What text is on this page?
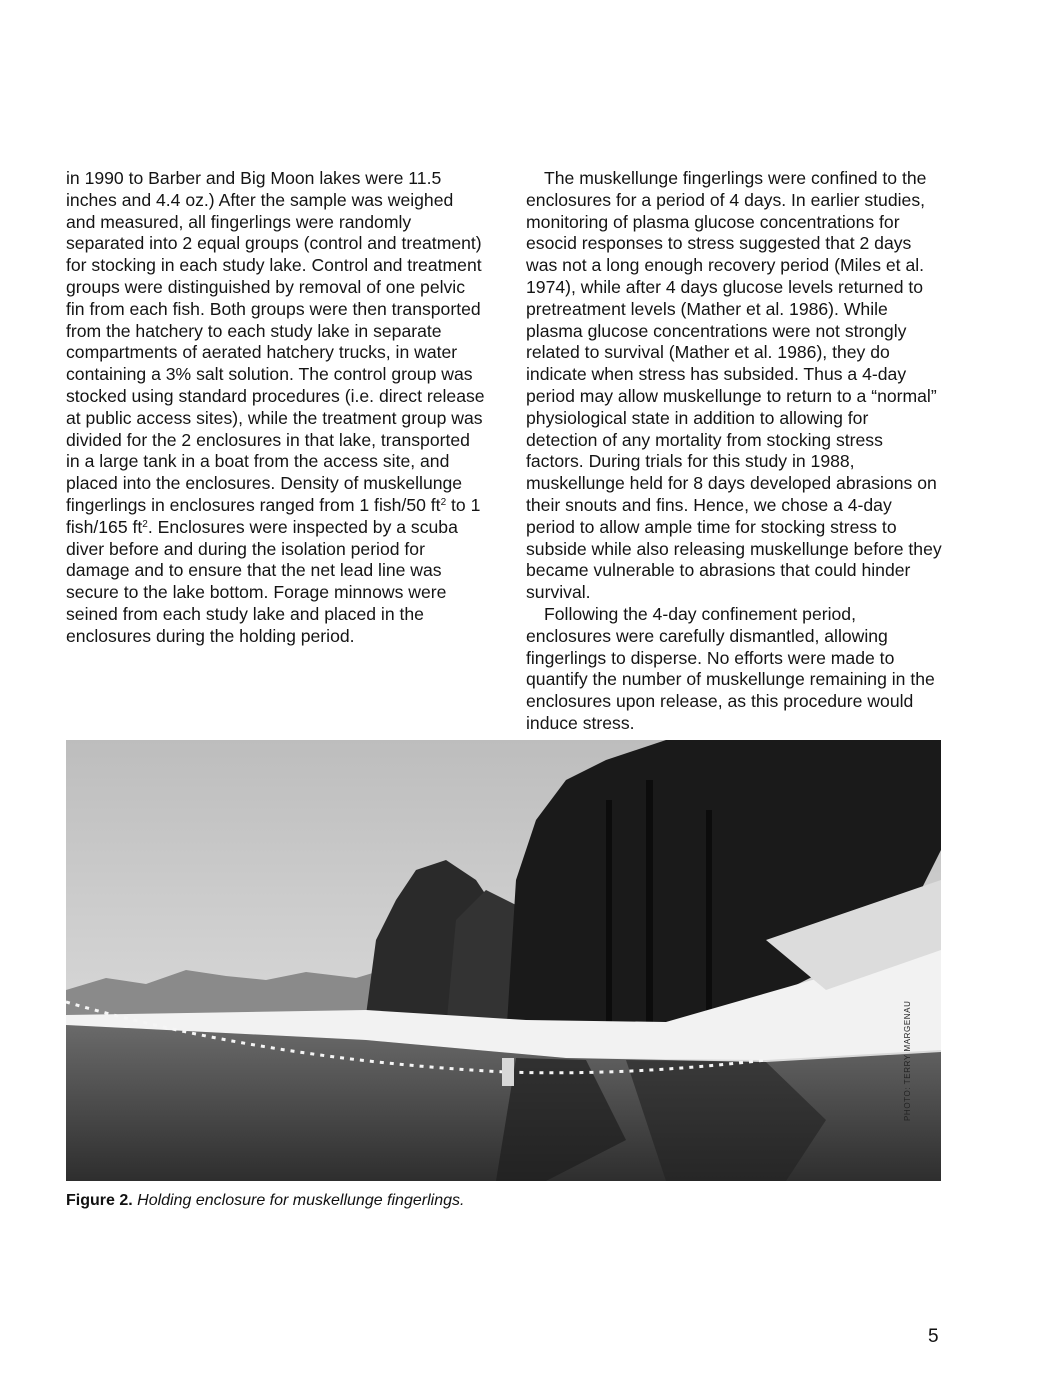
in 1990 to Barber and Big Moon lakes were 11.5 inches and 4.4 oz.) After the sample was weighed and measured, all fingerlings were randomly separated into 2 equal groups (control and treatment) for stocking in each study lake. Control and treatment groups were distinguished by removal of one pelvic fin from each fish. Both groups were then transported from the hatchery to each study lake in separate compartments of aerated hatchery trucks, in water containing a 3% salt solution. The control group was stocked using standard procedures (i.e. direct release at public access sites), while the treatment group was divided for the 2 enclosures in that lake, transported in a large tank in a boat from the access site, and placed into the enclosures. Density of muskellunge fingerlings in enclosures ranged from 1 fish/50 $ft^2$ to 1 fish/165 $ft^2$. Enclosures were inspected by a scuba diver before and during the isolation period for damage and to ensure that the net lead line was secure to the lake bottom. Forage minnows were seined from each study lake and placed in the enclosures during the holding period.

The muskellunge fingerlings were confined to the enclosures for a period of 4 days. In earlier studies, monitoring of plasma glucose concentrations for esocid responses to stress suggested that 2 days was not a long enough recovery period (Miles et al. 1974), while after 4 days glucose levels returned to pretreatment levels (Mather et al. 1986). While plasma glucose concentrations were not strongly related to survival (Mather et al. 1986), they do indicate when stress has subsided. Thus a 4-day period may allow muskellunge to return to a “normal” physiological state in addition to allowing for detection of any mortality from stocking stress factors. During trials for this study in 1988, muskellunge held for 8 days developed abrasions on their snouts and fins. Hence, we chose a 4-day period to allow ample time for stocking stress to subside while also releasing muskellunge before they became vulnerable to abrasions that could hinder survival.

Following the 4-day confinement period, enclosures were carefully dismantled, allowing fingerlings to disperse. No efforts were made to quantify the number of muskellunge remaining in the enclosures upon release, as this procedure would induce stress.

PHOTO: TERRY MARGENAU
Figure 2. Holding enclosure for muskellunge fingerlings.
5
